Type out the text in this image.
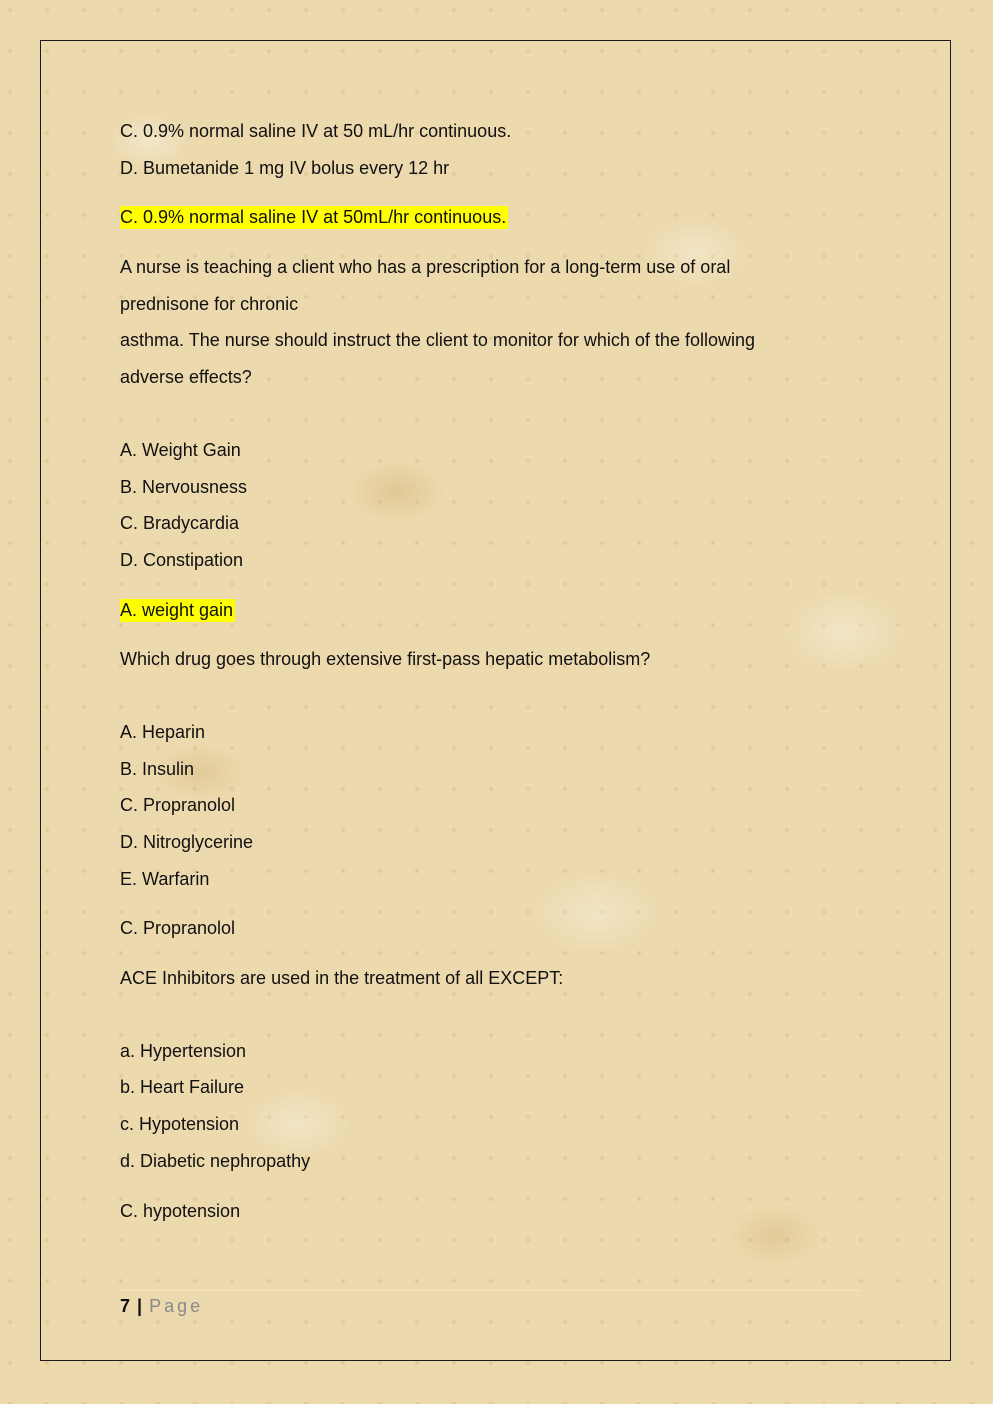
C. 0.9% normal saline IV at 50 mL/hr continuous.
D. Bumetanide 1 mg IV bolus every 12 hr
C. 0.9% normal saline IV at 50mL/hr continuous.
A nurse is teaching a client who has a prescription for a long-term use of oral
prednisone for chronic
asthma. The nurse should instruct the client to monitor for which of the following
adverse effects?
A. Weight Gain
B. Nervousness
C. Bradycardia
D. Constipation
A. weight gain
Which drug goes through extensive first-pass hepatic metabolism?
A. Heparin
B. Insulin
C. Propranolol
D. Nitroglycerine
E. Warfarin
C. Propranolol
ACE Inhibitors are used in the treatment of all EXCEPT:
a. Hypertension
b. Heart Failure
c. Hypotension
d. Diabetic nephropathy
C. hypotension
7 | Page
